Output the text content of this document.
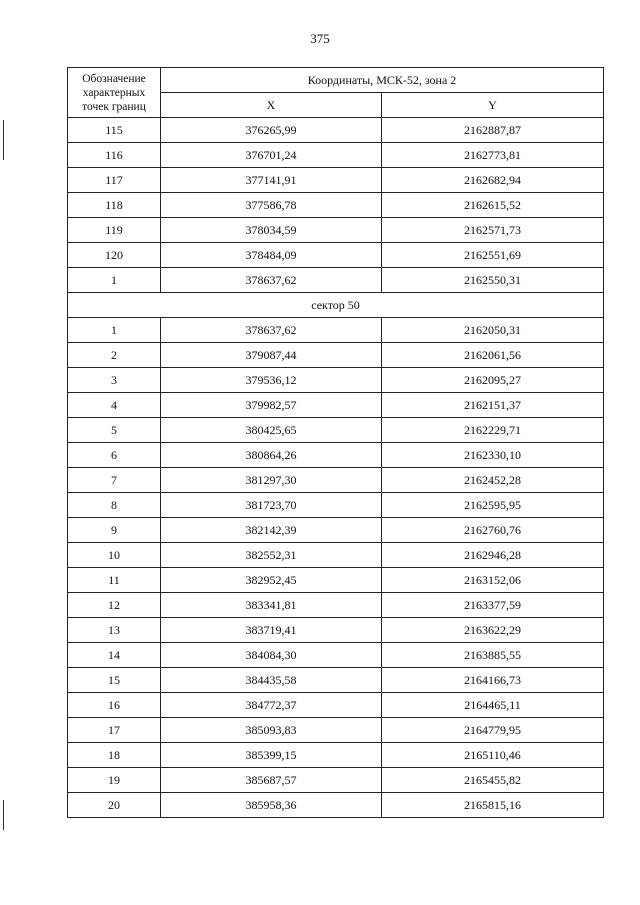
375
Обозначение характерных точек границ	Координаты, МСК-52, зона 2	
	X	Y
115	376265,99	2162887,87
116	376701,24	2162773,81
117	377141,91	2162682,94
118	377586,78	2162615,52
119	378034,59	2162571,73
120	378484,09	2162551,69
1	378637,62	2162550,31
сектор 50		
1	378637,62	2162050,31
2	379087,44	2162061,56
3	379536,12	2162095,27
4	379982,57	2162151,37
5	380425,65	2162229,71
6	380864,26	2162330,10
7	381297,30	2162452,28
8	381723,70	2162595,95
9	382142,39	2162760,76
10	382552,31	2162946,28
11	382952,45	2163152,06
12	383341,81	2163377,59
13	383719,41	2163622,29
14	384084,30	2163885,55
15	384435,58	2164166,73
16	384772,37	2164465,11
17	385093,83	2164779,95
18	385399,15	2165110,46
19	385687,57	2165455,82
20	385958,36	2165815,16
